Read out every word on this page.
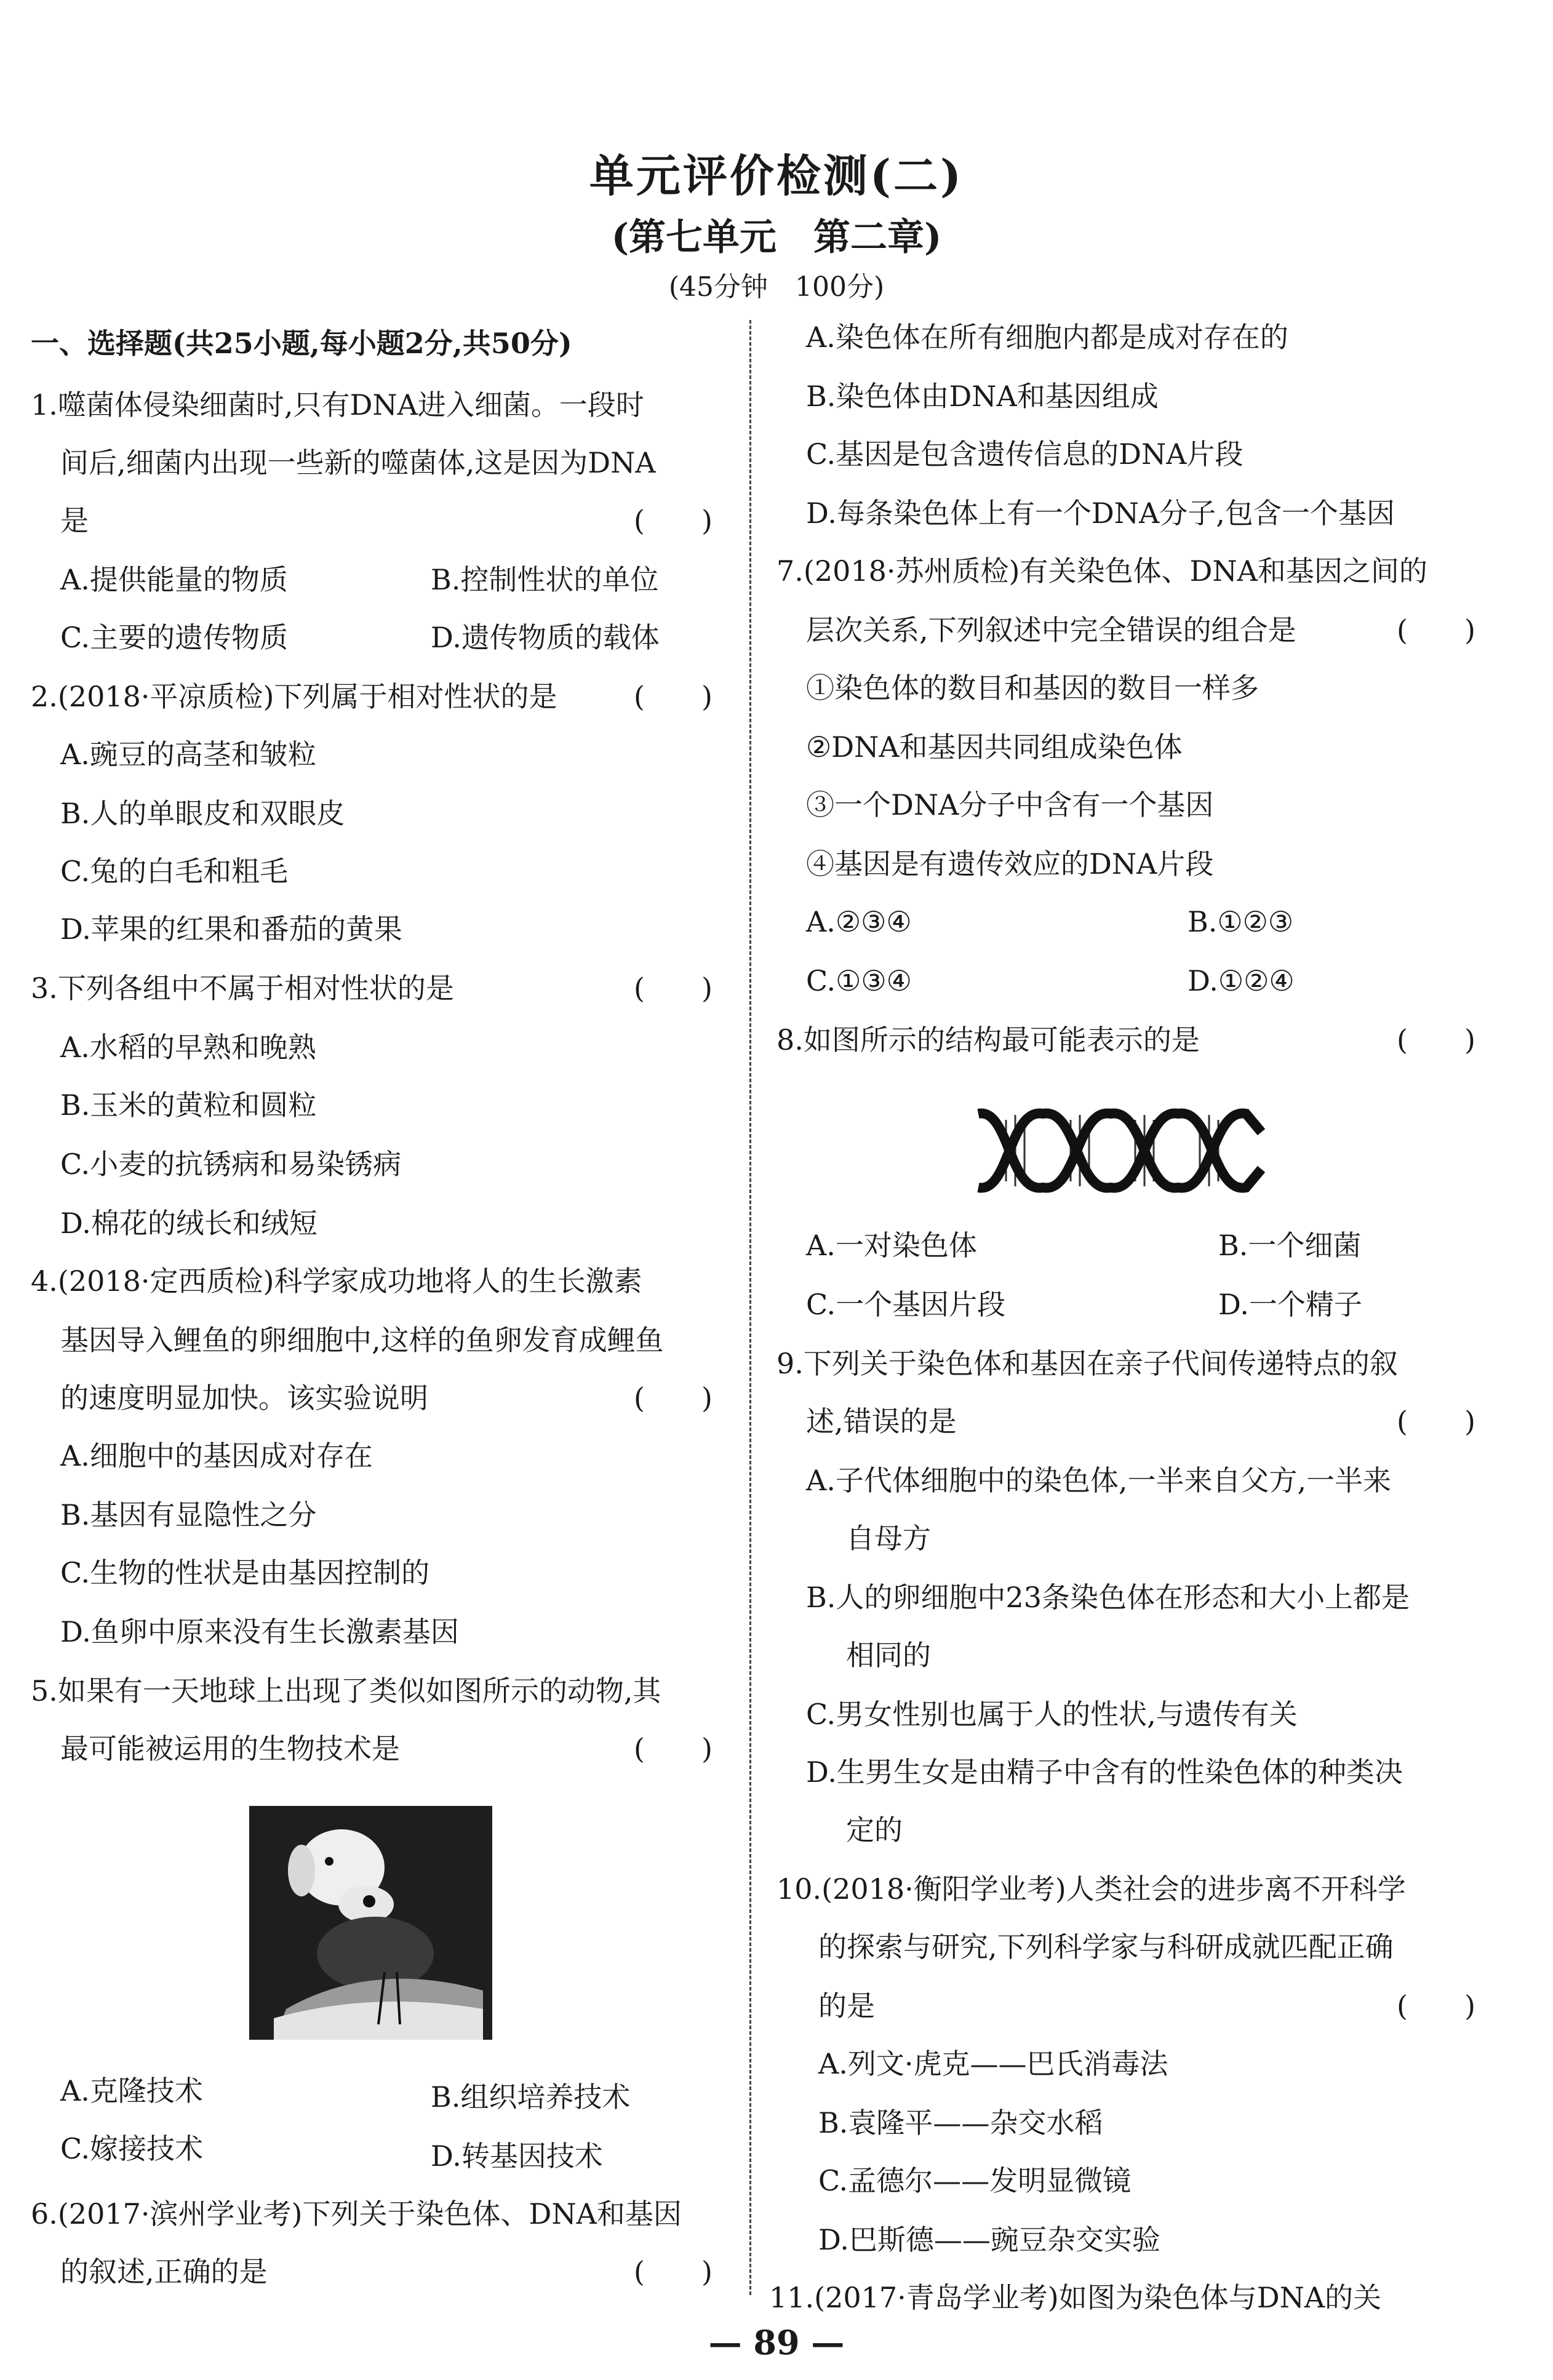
单元评价检测(二)
(第七单元　第二章)
(45分钟　100分)
一、选择题(共25小题,每小题2分,共50分)
1.噬菌体侵染细菌时,只有DNA进入细菌。一段时
间后,细菌内出现一些新的噬菌体,这是因为DNA
是	(　　)
A.提供能量的物质	B.控制性状的单位
C.主要的遗传物质	D.遗传物质的载体
2.(2018·平凉质检)下列属于相对性状的是	(　　)
A.豌豆的高茎和皱粒
B.人的单眼皮和双眼皮
C.兔的白毛和粗毛
D.苹果的红果和番茄的黄果
3.下列各组中不属于相对性状的是	(　　)
A.水稻的早熟和晚熟
B.玉米的黄粒和圆粒
C.小麦的抗锈病和易染锈病
D.棉花的绒长和绒短
4.(2018·定西质检)科学家成功地将人的生长激素
基因导入鲤鱼的卵细胞中,这样的鱼卵发育成鲤鱼
的速度明显加快。该实验说明	(　　)
A.细胞中的基因成对存在
B.基因有显隐性之分
C.生物的性状是由基因控制的
D.鱼卵中原来没有生长激素基因
5.如果有一天地球上出现了类似如图所示的动物,其
最可能被运用的生物技术是	(　　)
A.克隆技术	B.组织培养技术
C.嫁接技术	D.转基因技术
6.(2017·滨州学业考)下列关于染色体、DNA和基因
的叙述,正确的是	(　　)
A.染色体在所有细胞内都是成对存在的
B.染色体由DNA和基因组成
C.基因是包含遗传信息的DNA片段
D.每条染色体上有一个DNA分子,包含一个基因
7.(2018·苏州质检)有关染色体、DNA和基因之间的
层次关系,下列叙述中完全错误的组合是	(　　)
①染色体的数目和基因的数目一样多
②DNA和基因共同组成染色体
③一个DNA分子中含有一个基因
④基因是有遗传效应的DNA片段
A.②③④	B.①②③
C.①③④	D.①②④
8.如图所示的结构最可能表示的是	(　　)
A.一对染色体	B.一个细菌
C.一个基因片段	D.一个精子
9.下列关于染色体和基因在亲子代间传递特点的叙
述,错误的是	(　　)
A.子代体细胞中的染色体,一半来自父方,一半来
自母方
B.人的卵细胞中23条染色体在形态和大小上都是
相同的
C.男女性别也属于人的性状,与遗传有关
D.生男生女是由精子中含有的性染色体的种类决
定的
10.(2018·衡阳学业考)人类社会的进步离不开科学
的探索与研究,下列科学家与科研成就匹配正确
的是	(　　)
A.列文·虎克——巴氏消毒法
B.袁隆平——杂交水稻
C.孟德尔——发明显微镜
D.巴斯德——豌豆杂交实验
11.(2017·青岛学业考)如图为染色体与DNA的关
— 89 —
